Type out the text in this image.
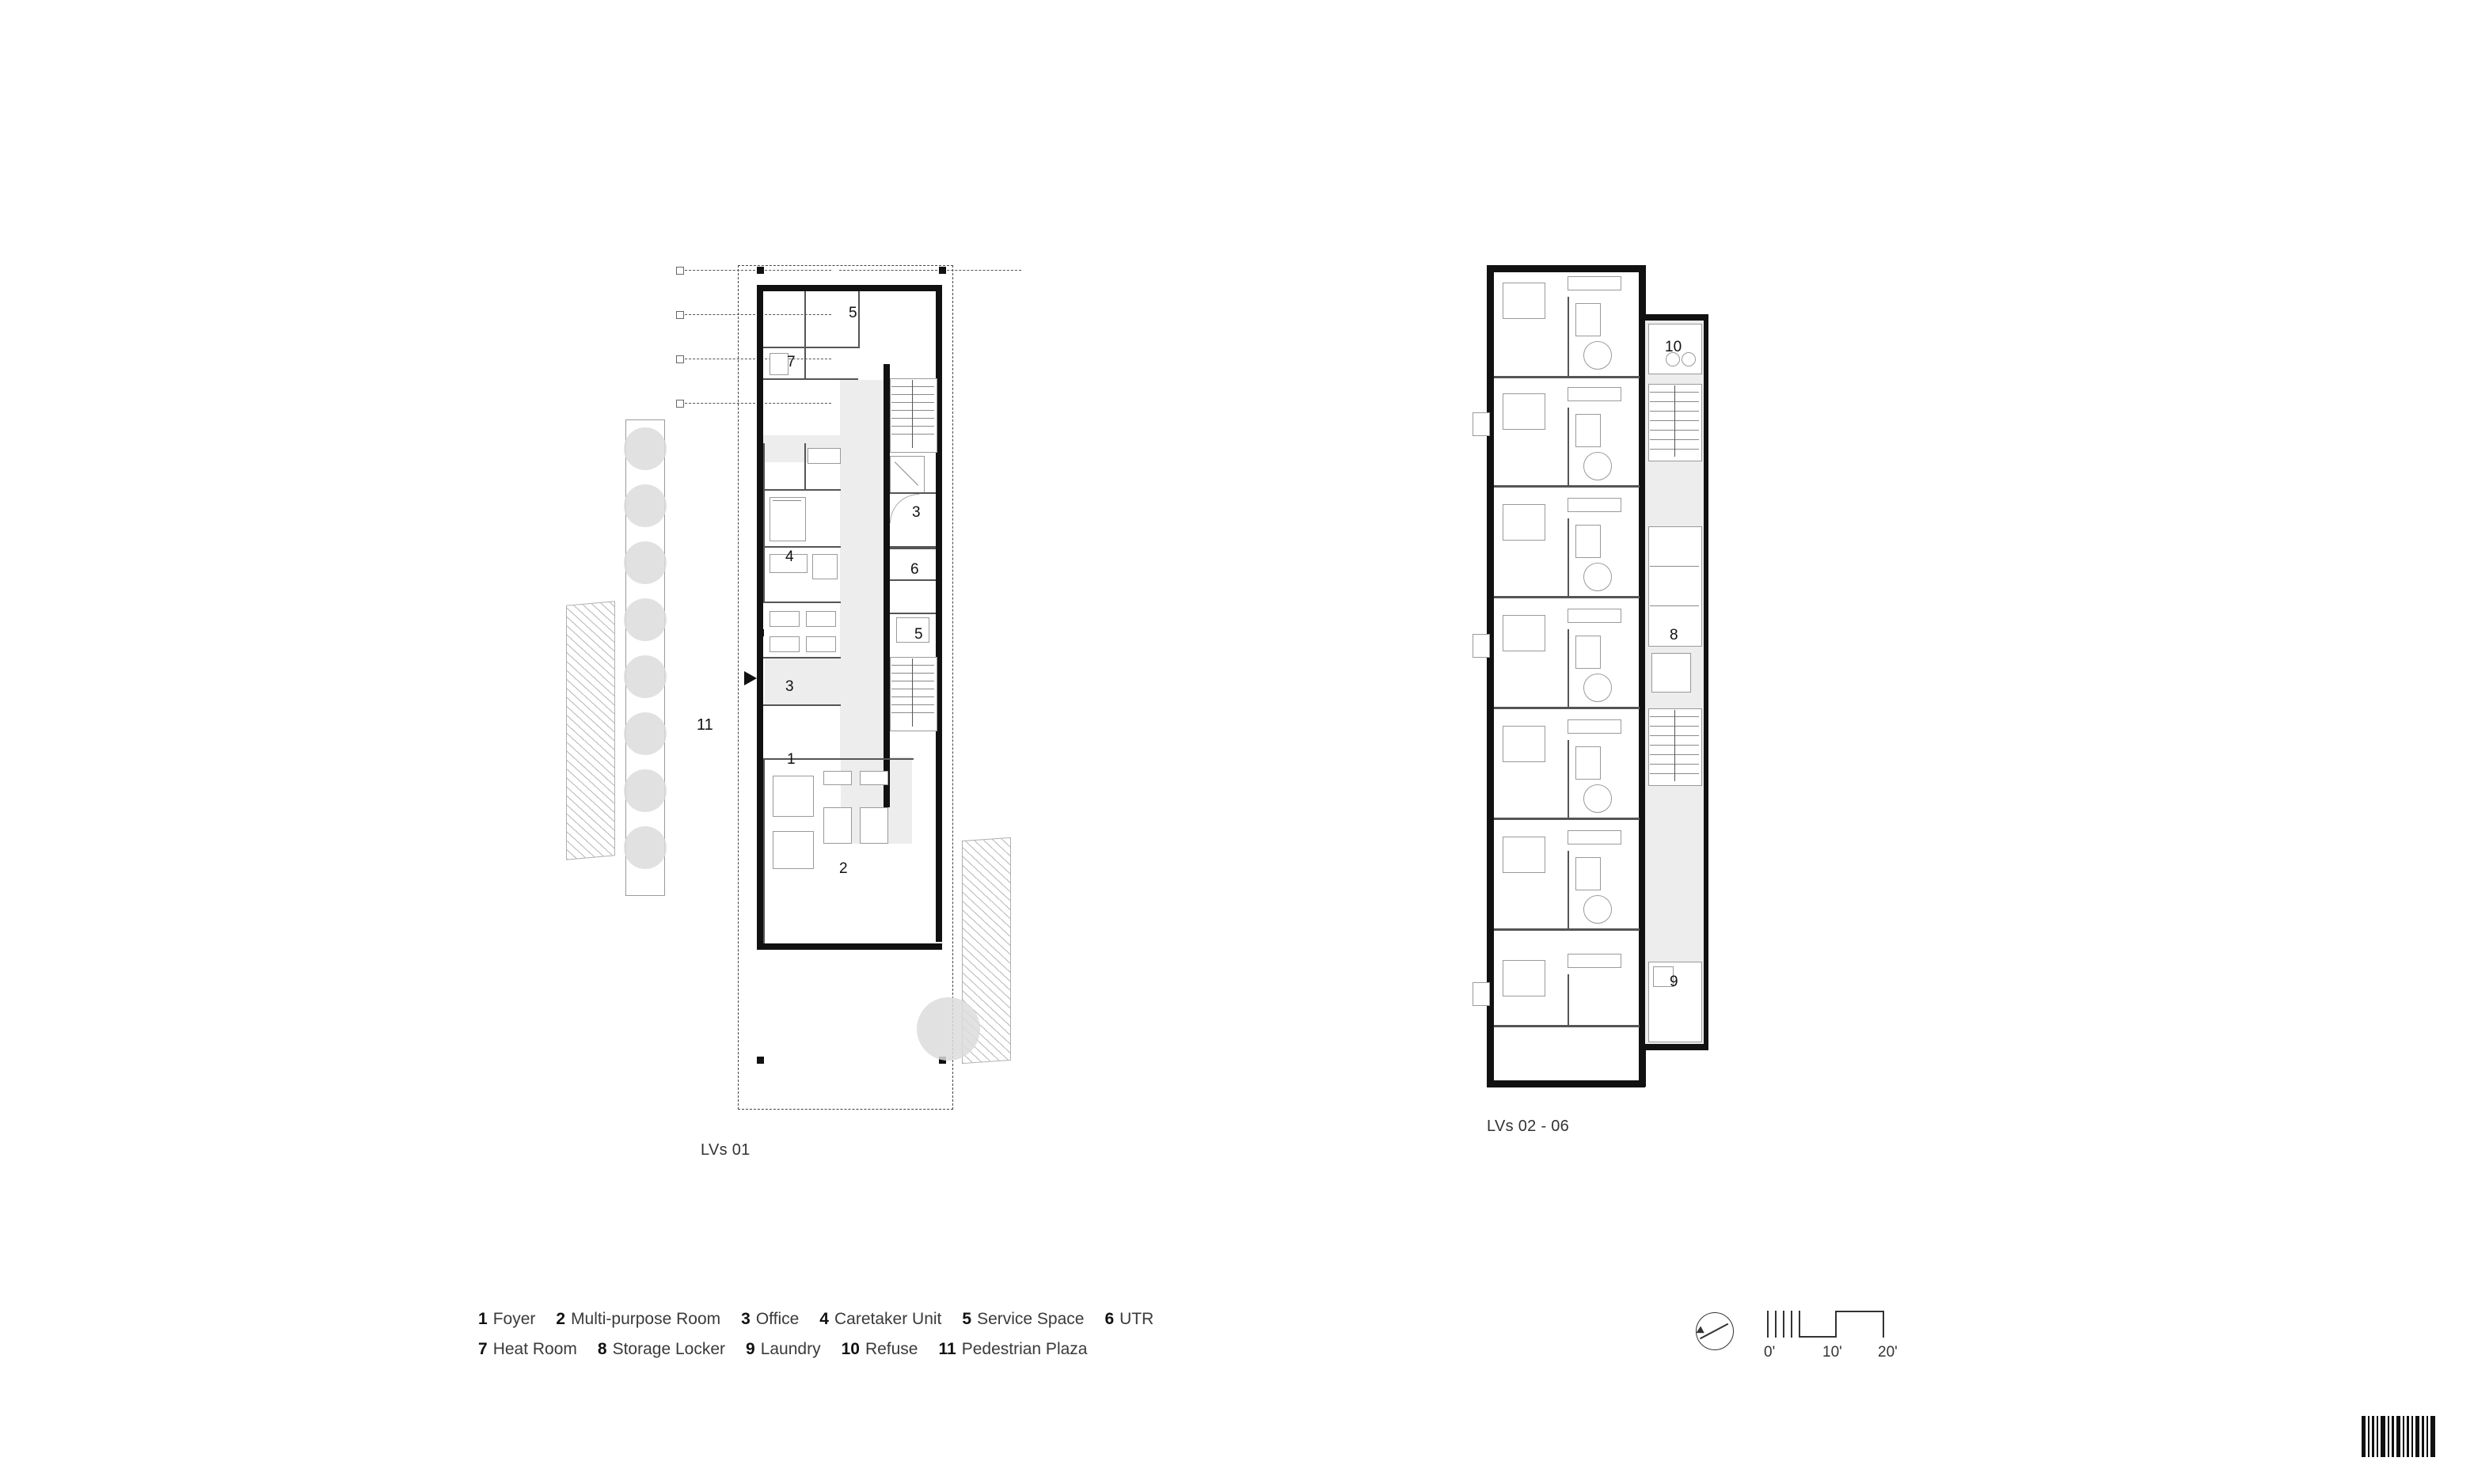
5
7
3
4
6
5
3
1
2
11
LVs 01
10
8
9
LVs 02 - 06
1 Foyer 2 Multi-purpose Room 3 Office 4 Caretaker Unit 5 Service Space 6 UTR
7 Heat Room 8 Storage Locker 9 Laundry 10 Refuse 11 Pedestrian Plaza	0'	10' 20'
